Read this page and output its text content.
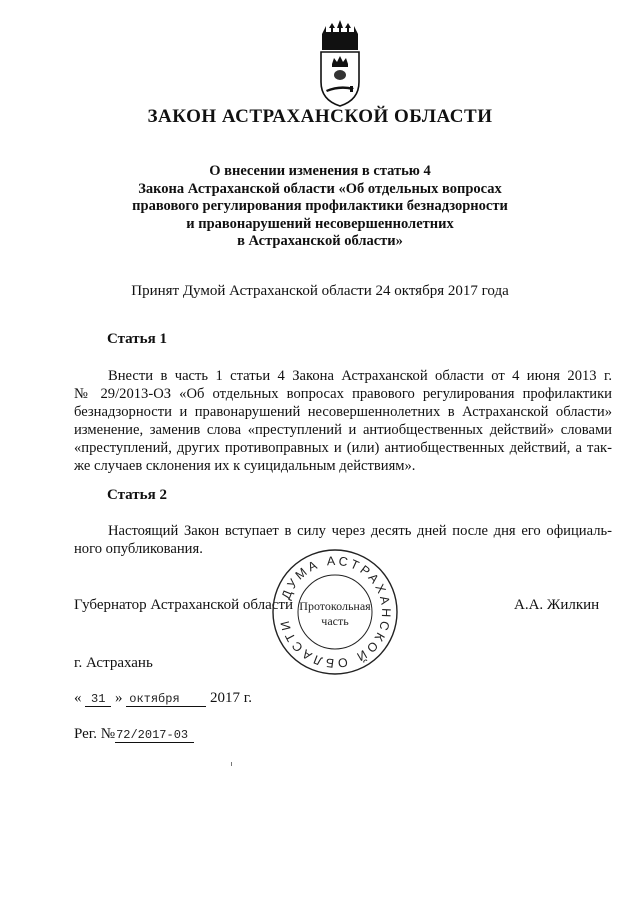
ЗАКОН АСТРАХАНСКОЙ ОБЛАСТИ
О внесении изменения в статью 4
Закона Астраханской области «Об отдельных вопросах
правового регулирования профилактики безнадзорности
и правонарушений несовершеннолетних
в Астраханской области»
Принят Думой Астраханской области 24 октября 2017 года
Статья 1
Внести в часть 1 статьи 4 Закона Астраханской области от 4 июня 2013 г.
№ 29/2013-ОЗ «Об отдельных вопросах правового регулирования профилактики
безнадзорности и правонарушений несовершеннолетних в Астраханской области»
изменение, заменив слова «преступлений и антиобщественных действий» словами
«преступлений, других противоправных и (или) антиобщественных действий, а так-
же случаев склонения их к суицидальным действиям».
Статья 2
Настоящий Закон вступает в силу через десять дней после дня его официаль-
ного опубликования.
Губернатор Астраханской области	А.А. Жилкин
ДУМА АСТРАХАНСКОЙ ОБЛАСТИ
Протокольная
часть
г. Астрахань
« 31 » октября 2017 г.
Рег. №72/2017-03
